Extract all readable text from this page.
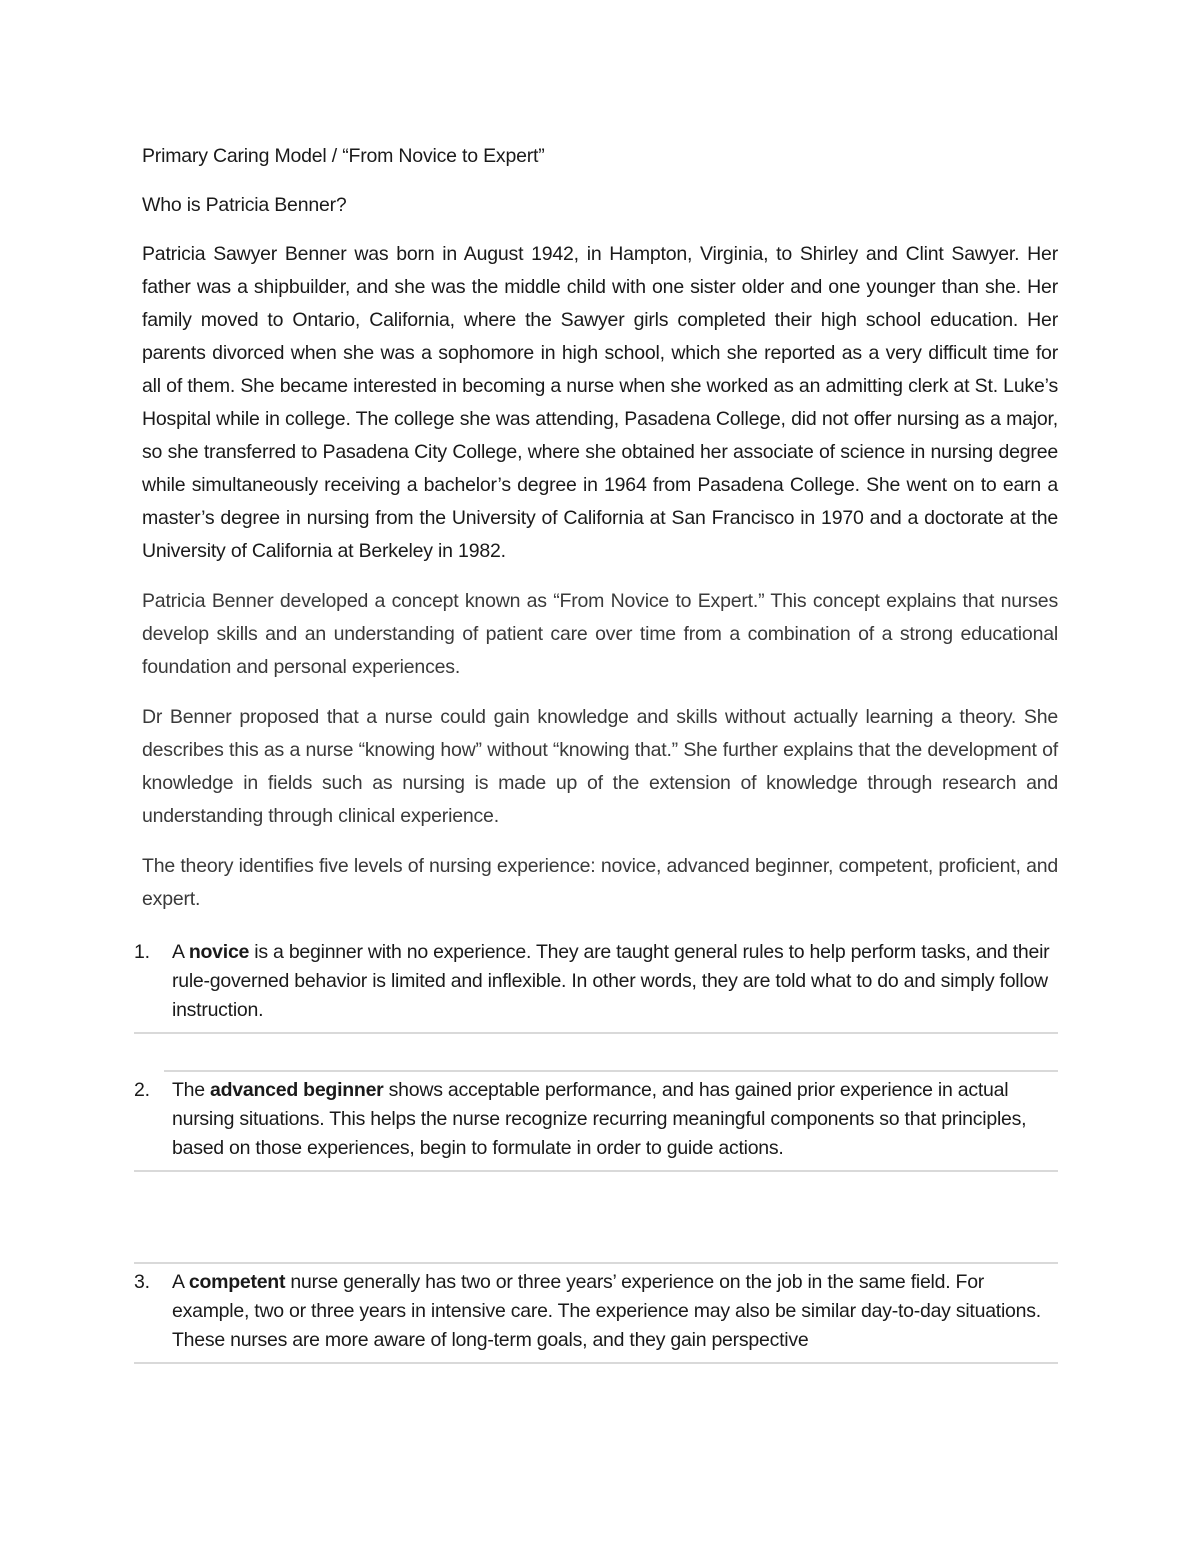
Primary Caring Model / “From Novice to Expert”

Who is Patricia Benner?

Patricia Sawyer Benner was born in August 1942, in Hampton, Virginia, to Shirley and Clint Sawyer. Her father was a shipbuilder, and she was the middle child with one sister older and one younger than she. Her family moved to Ontario, California, where the Sawyer girls completed their high school education. Her parents divorced when she was a sophomore in high school, which she reported as a very difficult time for all of them. She became interested in becoming a nurse when she worked as an admitting clerk at St. Luke’s Hospital while in college. The college she was attending, Pasadena College, did not offer nursing as a major, so she transferred to Pasadena City College, where she obtained her associate of science in nursing degree while simultaneously receiving a bachelor’s degree in 1964 from Pasadena College. She went on to earn a master’s degree in nursing from the University of California at San Francisco in 1970 and a doctorate at the University of California at Berkeley in 1982.

Patricia Benner developed a concept known as “From Novice to Expert.” This concept explains that nurses develop skills and an understanding of patient care over time from a combination of a strong educational foundation and personal experiences.

Dr Benner proposed that a nurse could gain knowledge and skills without actually learning a theory. She describes this as a nurse “knowing how” without “knowing that.” She further explains that the development of knowledge in fields such as nursing is made up of the extension of knowledge through research and understanding through clinical experience.

The theory identifies five levels of nursing experience: novice, advanced beginner, competent, proficient, and expert.

1. A novice is a beginner with no experience. They are taught general rules to help perform tasks, and their rule-governed behavior is limited and inflexible. In other words, they are told what to do and simply follow instruction.
2. The advanced beginner shows acceptable performance, and has gained prior experience in actual nursing situations. This helps the nurse recognize recurring meaningful components so that principles, based on those experiences, begin to formulate in order to guide actions.
3. A competent nurse generally has two or three years’ experience on the job in the same field. For example, two or three years in intensive care. The experience may also be similar day-to-day situations. These nurses are more aware of long-term goals, and they gain perspective
